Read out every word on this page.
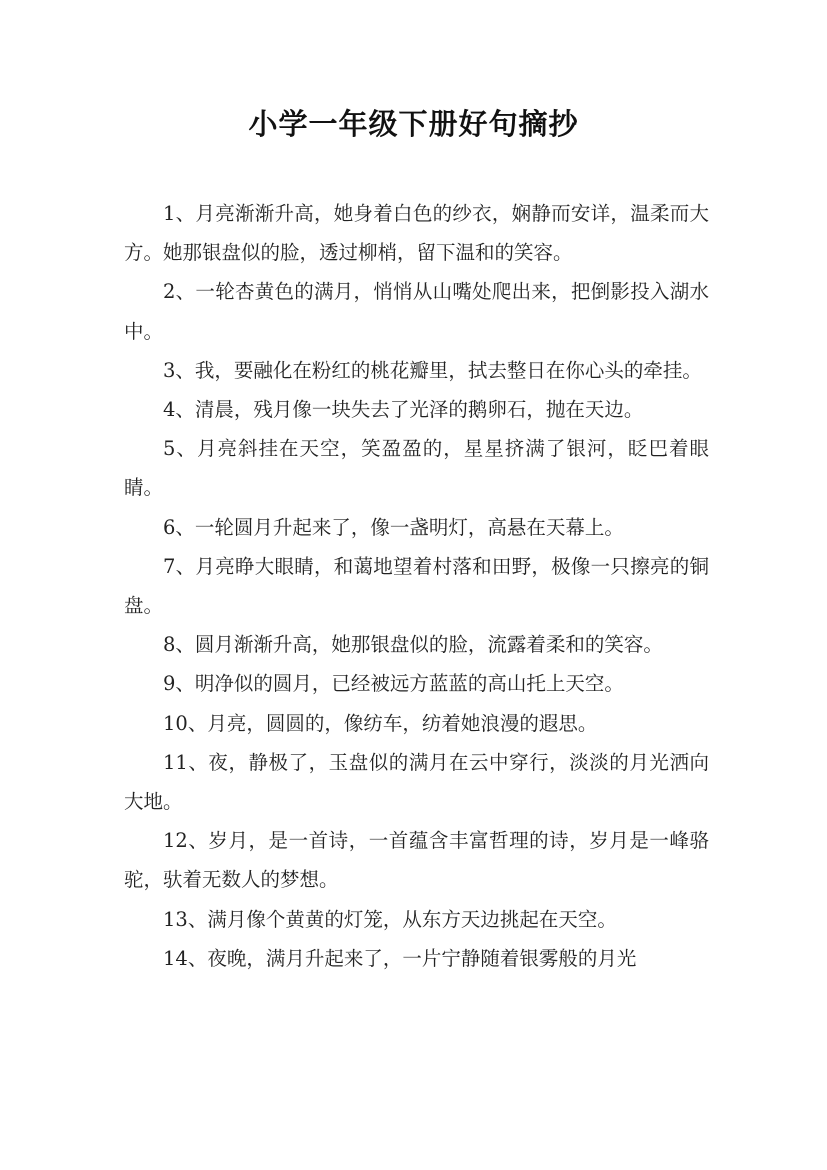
小学一年级下册好句摘抄

1、月亮渐渐升高，她身着白色的纱衣，娴静而安详，温柔而大方。她那银盘似的脸，透过柳梢，留下温和的笑容。

2、一轮杏黄色的满月，悄悄从山嘴处爬出来，把倒影投入湖水中。

3、我，要融化在粉红的桃花瓣里，拭去整日在你心头的牵挂。

4、清晨，残月像一块失去了光泽的鹅卵石，抛在天边。

5、月亮斜挂在天空，笑盈盈的，星星挤满了银河，眨巴着眼睛。

6、一轮圆月升起来了，像一盏明灯，高悬在天幕上。

7、月亮睁大眼睛，和蔼地望着村落和田野，极像一只擦亮的铜盘。

8、圆月渐渐升高，她那银盘似的脸，流露着柔和的笑容。

9、明净似的圆月，已经被远方蓝蓝的高山托上天空。

10、月亮，圆圆的，像纺车，纺着她浪漫的遐思。

11、夜，静极了，玉盘似的满月在云中穿行，淡淡的月光洒向大地。

12、岁月，是一首诗，一首蕴含丰富哲理的诗，岁月是一峰骆驼，驮着无数人的梦想。

13、满月像个黄黄的灯笼，从东方天边挑起在天空。

14、夜晚，满月升起来了，一片宁静随着银雾般的月光
